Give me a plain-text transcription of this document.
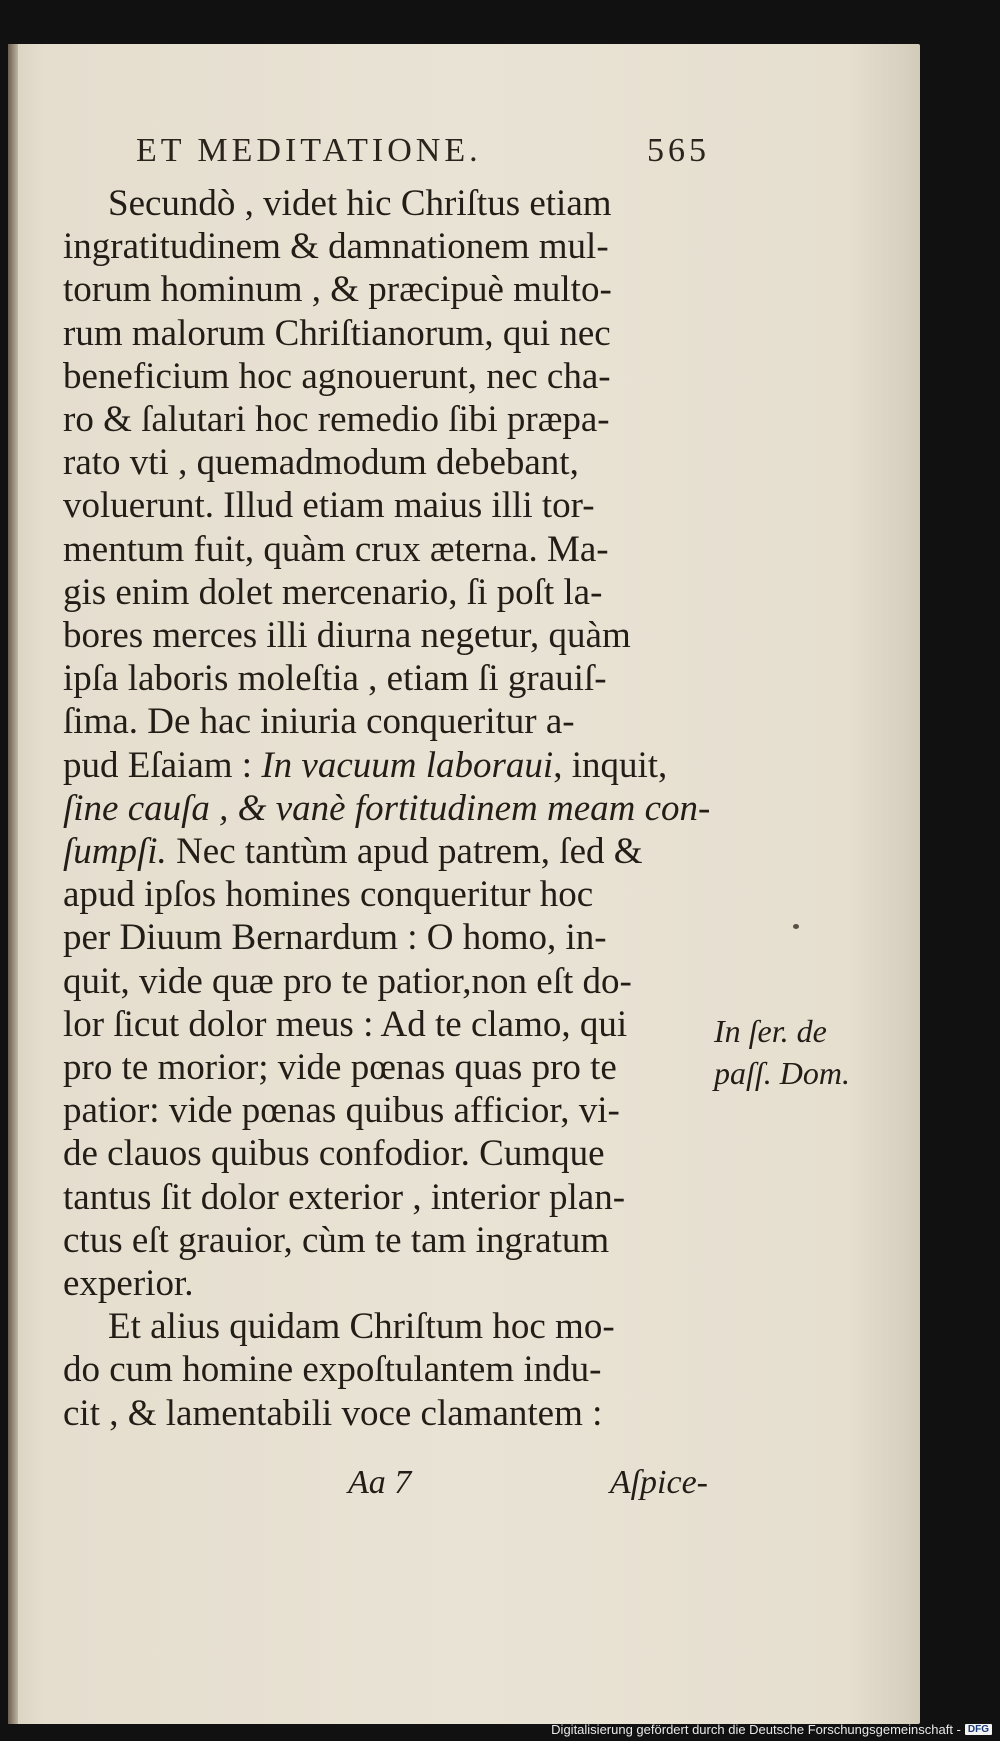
ET MEDITATIONE.	565
Secundò , videt hic Chriſtus etiam
ingratitudinem & damnationem mul-
torum hominum , & præcipuè multo-
rum malorum Chriſtianorum, qui nec
beneficium hoc agnouerunt, nec cha-
ro & ſalutari hoc remedio ſibi præpa-
rato vti , quemadmodum debebant,
voluerunt. Illud etiam maius illi tor-
mentum fuit, quàm crux æterna. Ma-
gis enim dolet mercenario, ſi poſt la-
bores merces illi diurna negetur, quàm
ipſa laboris moleſtia , etiam ſi grauiſ-
ſima. De hac iniuria conqueritur a-
pud Eſaiam : In vacuum laboraui, inquit,
ſine cauſa , & vanè fortitudinem meam con-
ſumpſi. Nec tantùm apud patrem, ſed &
apud ipſos homines conqueritur hoc
per Diuum Bernardum : O homo, in-
quit, vide quæ pro te patior,non eſt do-
lor ſicut dolor meus : Ad te clamo, qui
pro te morior; vide pœnas quas pro te
patior: vide pœnas quibus afficior, vi-
de clauos quibus confodior. Cumque
tantus ſit dolor exterior , interior plan-
ctus eſt grauior, cùm te tam ingratum
experior.
Et alius quidam Chriſtum hoc mo-
do cum homine expoſtulantem indu-
cit , & lamentabili voce clamantem :
In ſer. de
paſſ. Dom.
Aa 7	Aſpice-
Digitalisierung gefördert durch die Deutsche Forschungsgemeinschaft - DFG
